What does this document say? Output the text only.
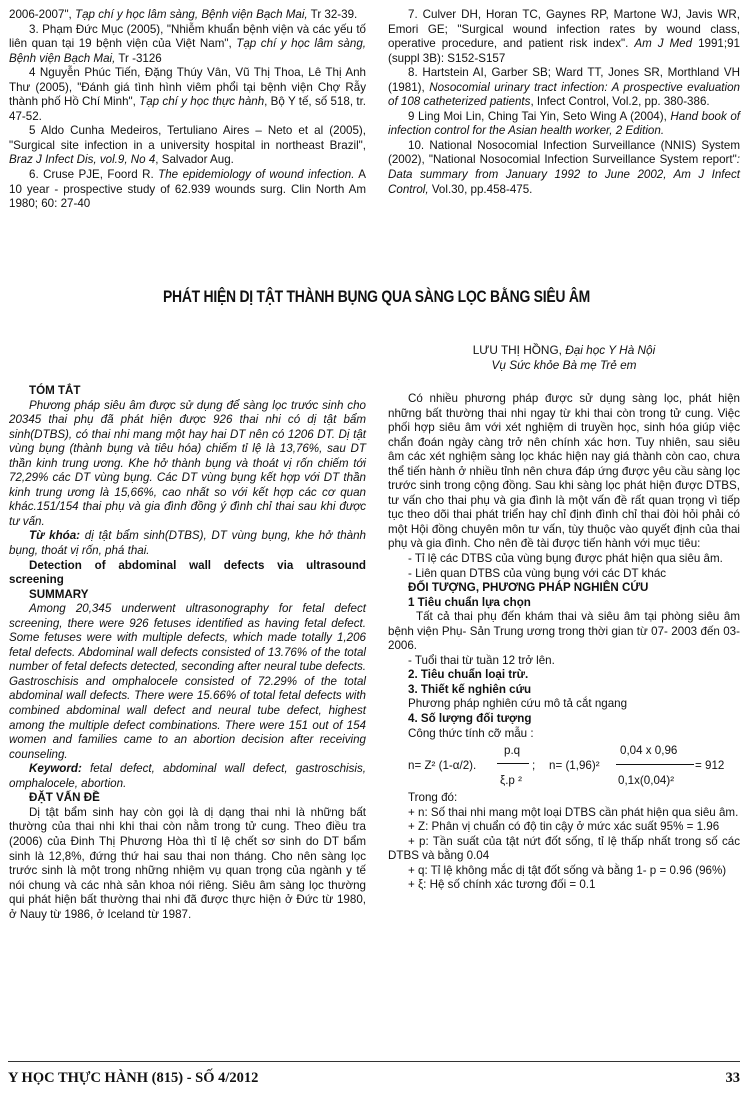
2006-2007", Tạp chí y học lâm sàng, Bệnh viện Bạch Mai, Tr 32-39.

3. Phạm Đức Mục (2005), "Nhiễm khuẩn bệnh viện và các yếu tố liên quan tại 19 bệnh viện của Việt Nam", Tạp chí y học lâm sàng, Bệnh viện Bạch Mai, Tr -3126

4 Nguyễn Phúc Tiến, Đặng Thúy Vân, Vũ Thị Thoa, Lê Thị Anh Thư (2005), "Đánh giá tình hình viêm phổi tại bệnh viện Chợ Rẫy thành phố Hồ Chí Minh", Tạp chí y học thực hành, Bộ Y tế, số 518, tr. 47-52.

5 Aldo Cunha Medeiros, Tertuliano Aires – Neto et al (2005), "Surgical site infection in a university hospital in northeast Brazil", Braz J Infect Dis, vol.9, No 4, Salvador Aug.

6. Cruse PJE, Foord R. The epidemiology of wound infection. A 10 year - prospective study of 62.939 wounds surg. Clin North Am 1980; 60: 27-40

7. Culver DH, Horan TC, Gaynes RP, Martone WJ, Javis WR, Emori GE; "Surgical wound infection rates by wound class, operative procedure, and patient risk index". Am J Med 1991;91 (suppl 3B): S152-S157

8. Hartstein AI, Garber SB; Ward TT, Jones SR, Morthland VH (1981), Nosocomial urinary tract infection: A prospective evaluation of 108 catheterized patients, Infect Control, Vol.2, pp. 380-386.

9 Ling Moi Lin, Ching Tai Yin, Seto Wing A (2004), Hand book of infection control for the Asian health worker, 2 Edition.

10. National Nosocomial Infection Surveillance (NNIS) System (2002), "National Nosocomial Infection Surveillance System report": Data summary from January 1992 to June 2002, Am J Infect Control, Vol.30, pp.458-475.

PHÁT HIỆN DỊ TẬT THÀNH BỤNG QUA SÀNG LỌC BẰNG SIÊU ÂM
LƯU THỊ HỒNG, Đại học Y Hà Nội
Vụ Sức khỏe Bà mẹ Trẻ em

TÓM TẮT

Phương pháp siêu âm được sử dụng để sàng lọc trước sinh cho 20345 thai phụ đã phát hiện được 926 thai nhi có dị tật bẩm sinh(DTBS), có thai nhi mang một hay hai DT nên có 1206 DT. Dị tật vùng bụng (thành bụng và tiêu hóa) chiếm tỉ lệ là 13,76%, sau DT thần kinh trung ương. Khe hở thành bụng và thoát vị rốn chiếm tới 72,29% các DT vùng bụng. Các DT vùng bụng kết hợp với DT thần kinh trung ương là 15,66%, cao nhất so với kết hợp các cơ quan khác.151/154 thai phụ và gia đình đồng ý đình chỉ thai sau khi được tư vấn.

Từ khóa: dị tật bẩm sinh(DTBS), DT vùng bụng, khe hở thành bụng, thoát vị rốn, phá thai.

Detection of abdominal wall defects via ultrasound screening

SUMMARY

Among 20,345 underwent ultrasonography for fetal defect screening, there were 926 fetuses identified as having fetal defect. Some fetuses were with multiple defects, which made totally 1,206 fetal defects. Abdominal wall defects consisted of 13.76% of the total number of fetal defects detected, seconding after neural tube defects. Gastroschisis and omphalocele consisted of 72.29% of the total abdominal wall defects. There were 15.66% of total fetal defects with combined abdominal wall defect and neural tube defect, highest among the multiple defect combinations. There were 151 out of 154 women and families came to an abortion decision after receiving counseling.

Keyword: fetal defect, abdominal wall defect, gastroschisis, omphalocele, abortion.

ĐẶT VẤN ĐỀ

Dị tật bẩm sinh hay còn gọi là dị dạng thai nhi là những bất thường của thai nhi khi thai còn nằm trong tử cung. Theo điều tra (2006) của Đinh Thị Phương Hòa thì tỉ lệ chết sơ sinh do DT bẩm sinh là 12,8%, đứng thứ hai sau thai non tháng. Cho nên sàng lọc trước sinh là một trong những nhiệm vụ quan trọng của ngành y tế nói chung và các nhà sản khoa nói riêng. Siêu âm sàng lọc thường qui phát hiện bất thường thai nhi đã được thực hiện ở Đức từ 1980, ở Nauy từ 1986, ở Iceland từ 1987.

Có nhiều phương pháp được sử dụng sàng lọc, phát hiện những bất thường thai nhi ngay từ khi thai còn trong tử cung. Việc phối hợp siêu âm với xét nghiệm di truyền học, sinh hóa giúp việc chẩn đoán ngày càng trở nên chính xác hơn. Tuy nhiên, sau siêu âm các xét nghiệm sàng lọc khác hiện nay giá thành còn cao, chưa thể tiến hành ở nhiều tỉnh nên chưa đáp ứng được yêu cầu sàng lọc trước sinh trong cộng đồng. Sau khi sàng lọc phát hiện được DTBS, tư vấn cho thai phụ và gia đình là một vấn đề rất quan trọng vì tiếp tục theo dõi thai phát triển hay chỉ định đình chỉ thai đòi hỏi phải có một Hội đồng chuyên môn tư vấn, tùy thuộc vào quyết định của thai phụ và gia đình. Cho nên đề tài được tiến hành với mục tiêu:

- Tỉ lệ các DTBS của vùng bụng được phát hiện qua siêu âm.

- Liên quan DTBS của vùng bụng với các DT khác

ĐỐI TƯỢNG, PHƯƠNG PHÁP NGHIÊN CỨU

1 Tiêu chuẩn lựa chọn

Tất cả thai phụ đến khám thai và siêu âm tại phòng siêu âm bệnh viện Phụ- Sản Trung ương trong thời gian từ 07- 2003 đến 03- 2006.

- Tuổi thai từ tuần 12 trở lên.

2. Tiêu chuẩn loại trừ.

3. Thiết kế nghiên cứu

Phương pháp nghiên cứu mô tả cắt ngang

4. Số lượng đối tượng

Công thức tính cỡ mẫu :

n= Z² (1-α/2).
p.q
ξ.p ²
; n= (1,96)²
0,04 x 0,96
0,1x(0,04)²
= 912

Trong đó:

+ n: Số thai nhi mang một loại DTBS cần phát hiện qua siêu âm.

+ Z: Phân vị chuẩn có độ tin cậy ở mức xác suất 95% = 1.96

+ p: Tần suất của tật nứt đốt sống, tỉ lệ thấp nhất trong số các DTBS và bằng 0.04

+ q: Tỉ lệ không mắc dị tật đốt sống và bằng 1- p = 0.96 (96%)

+ ξ: Hệ số chính xác tương đối = 0.1

Y HỌC THỰC HÀNH (815) - SỐ 4/2012	33
